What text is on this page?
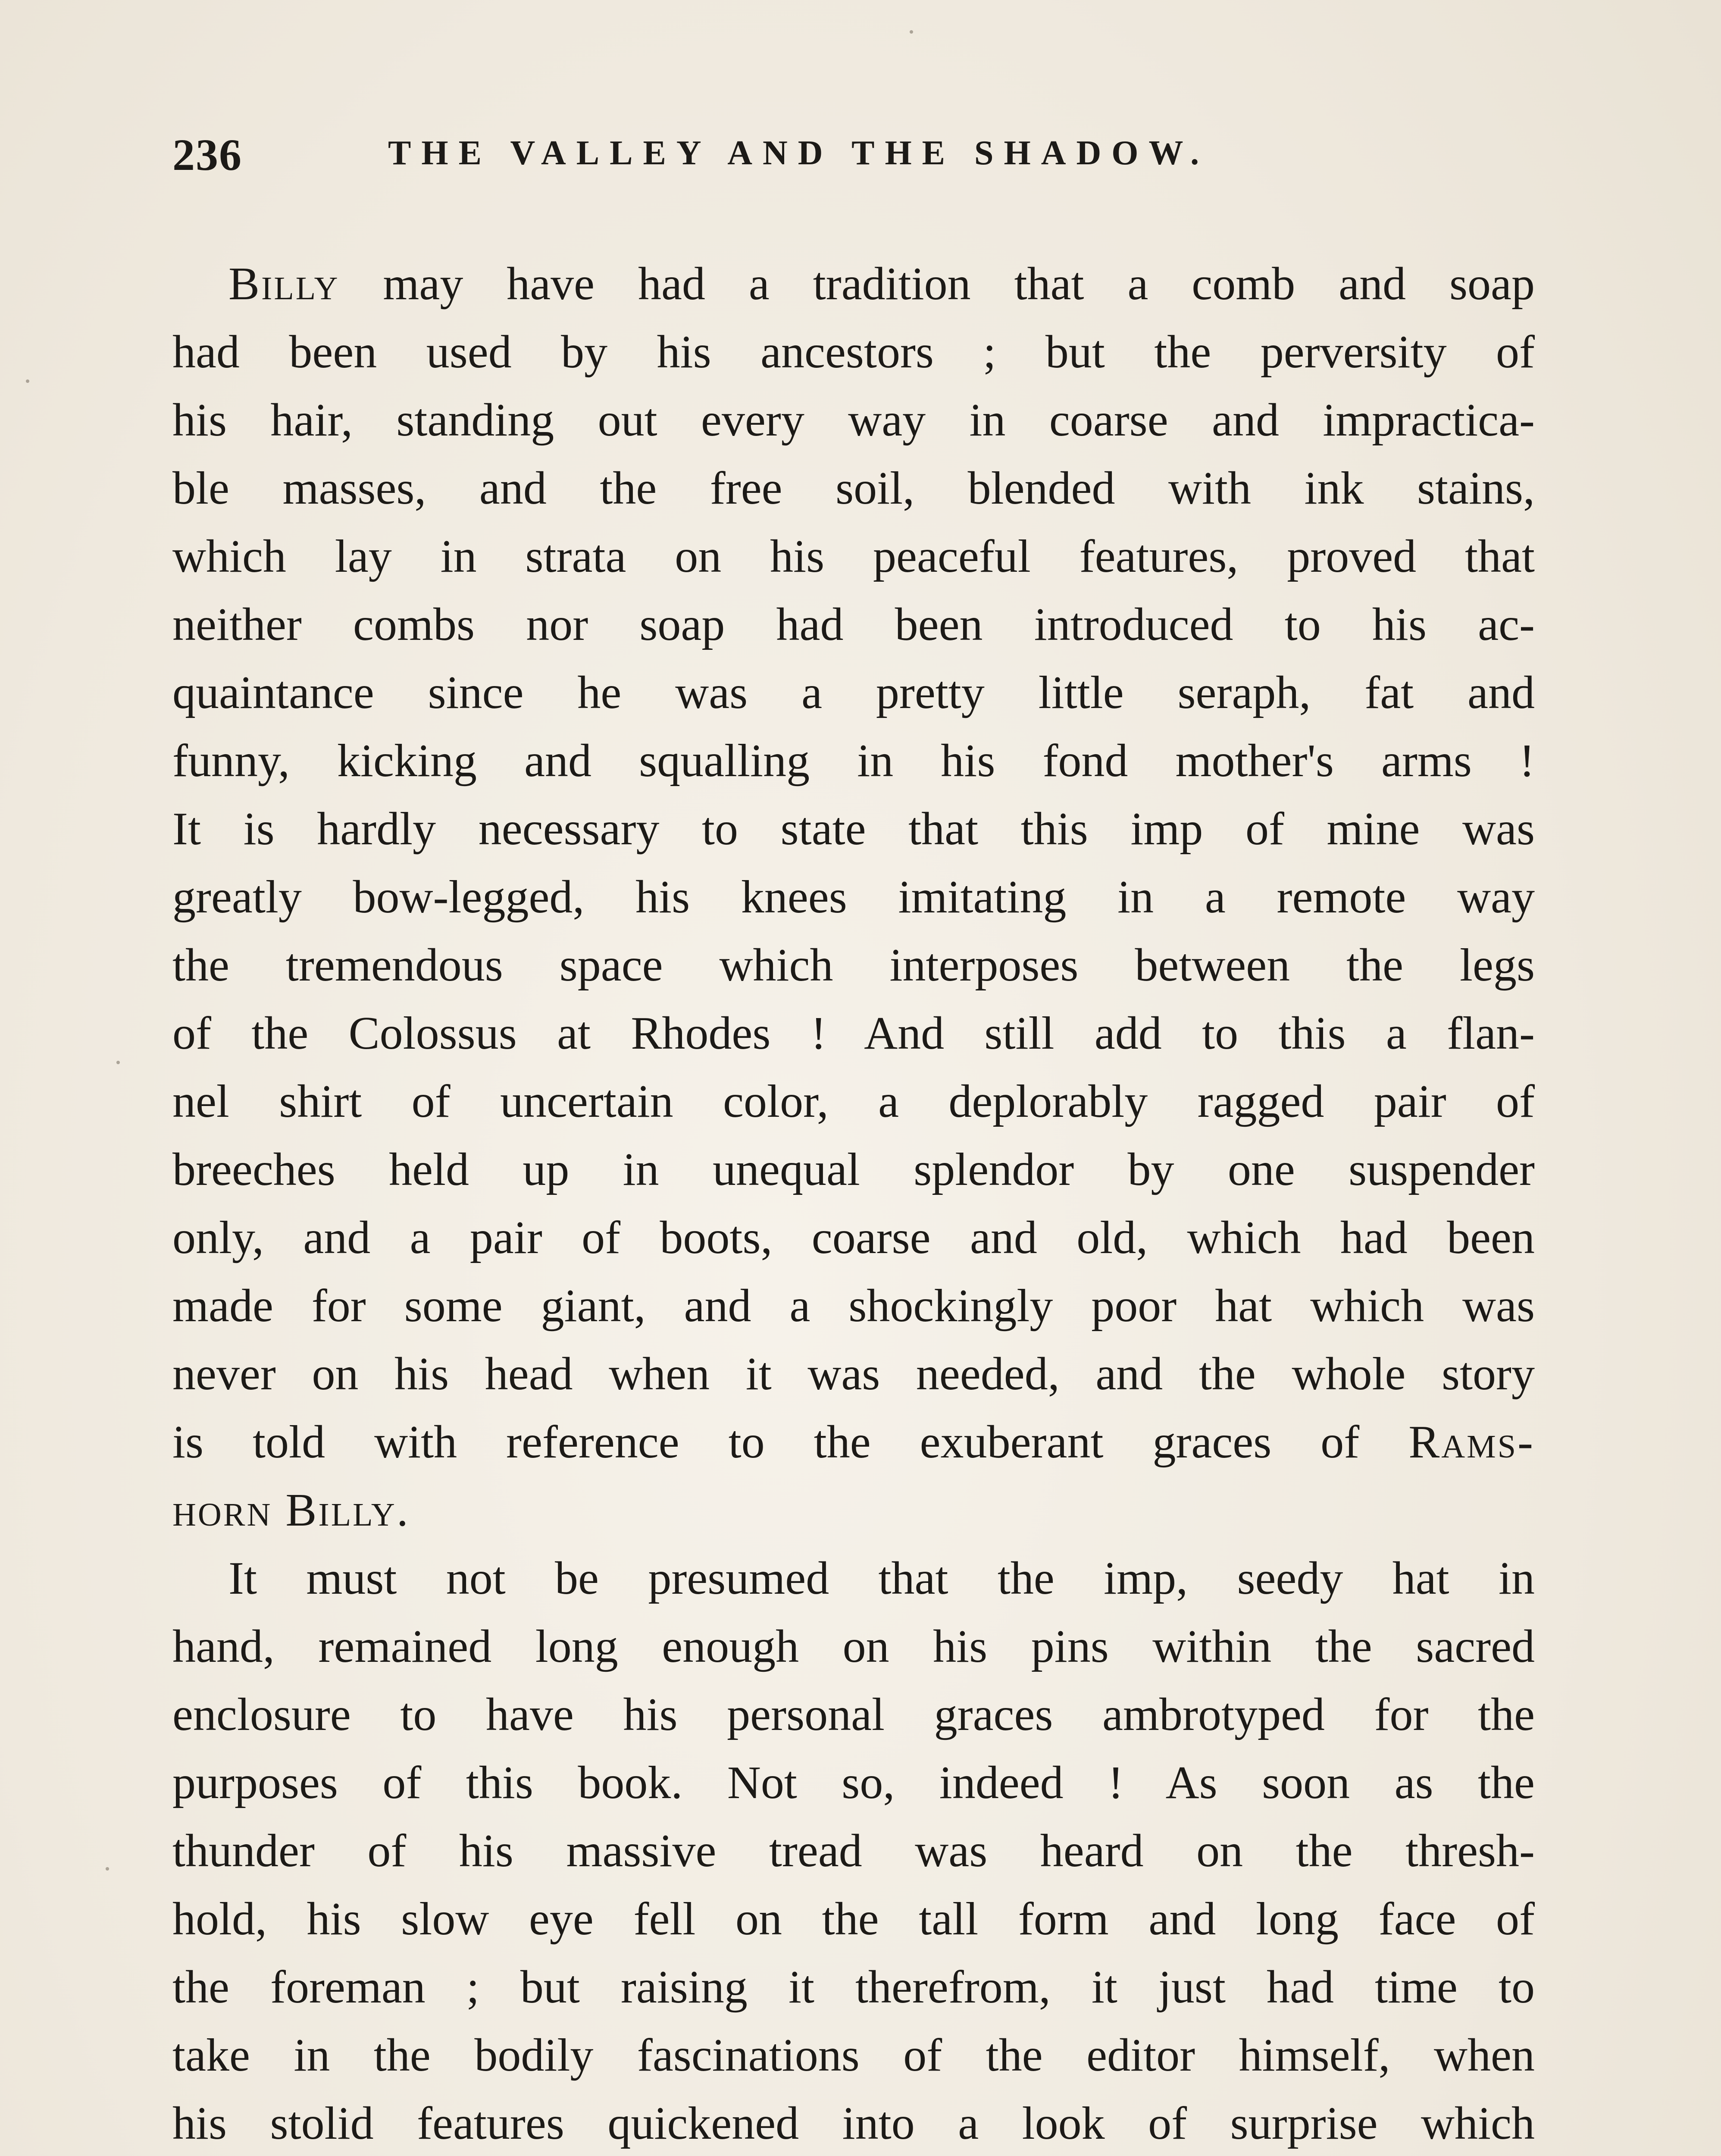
236	THE VALLEY AND THE SHADOW.
Billy may have had a tradition that a comb and soap
had been used by his ancestors ; but the perversity of
his hair, standing out every way in coarse and impractica-
ble masses, and the free soil, blended with ink stains,
which lay in strata on his peaceful features, proved that
neither combs nor soap had been introduced to his ac-
quaintance since he was a pretty little seraph, fat and
funny, kicking and squalling in his fond mother's arms !
It is hardly necessary to state that this imp of mine was
greatly bow-legged, his knees imitating in a remote way
the tremendous space which interposes between the legs
of the Colossus at Rhodes ! And still add to this a flan-
nel shirt of uncertain color, a deplorably ragged pair of
breeches held up in unequal splendor by one suspender
only, and a pair of boots, coarse and old, which had been
made for some giant, and a shockingly poor hat which was
never on his head when it was needed, and the whole story
is told with reference to the exuberant graces of Rams-
horn Billy.
It must not be presumed that the imp, seedy hat in
hand, remained long enough on his pins within the sacred
enclosure to have his personal graces ambrotyped for the
purposes of this book. Not so, indeed ! As soon as the
thunder of his massive tread was heard on the thresh-
hold, his slow eye fell on the tall form and long face of
the foreman ; but raising it therefrom, it just had time to
take in the bodily fascinations of the editor himself, when
his stolid features quickened into a look of surprise which
